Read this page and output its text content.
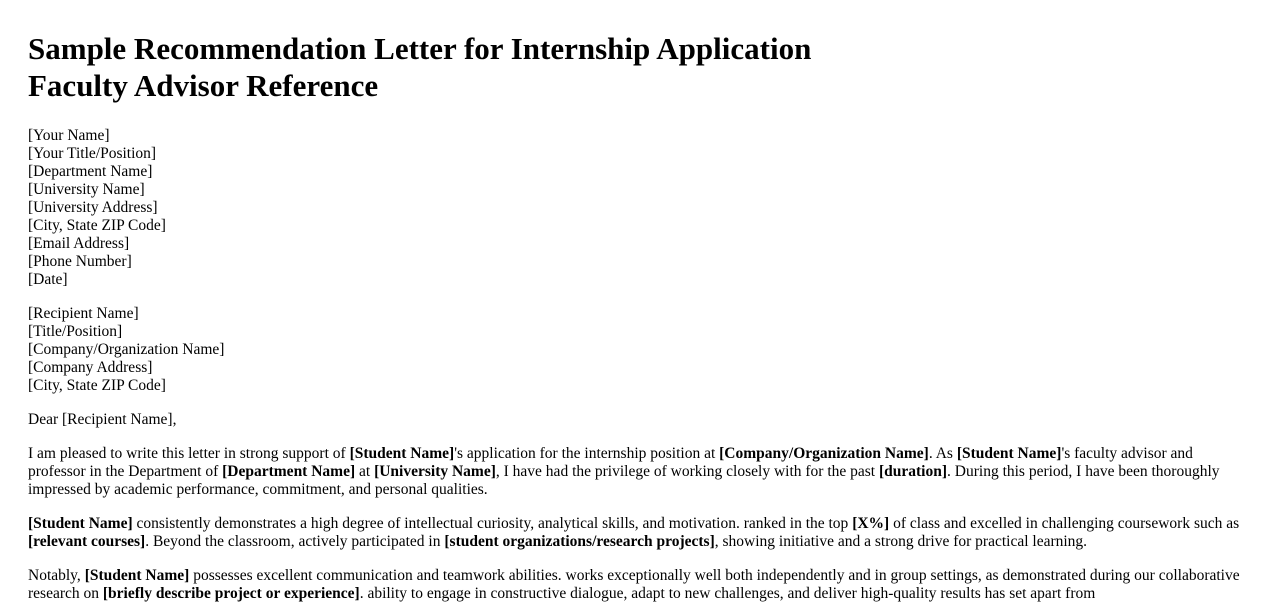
Sample Recommendation Letter for Internship Application
Faculty Advisor Reference
[Your Name]
[Your Title/Position]
[Department Name]
[University Name]
[University Address]
[City, State ZIP Code]
[Email Address]
[Phone Number]
[Date]
[Recipient Name]
[Title/Position]
[Company/Organization Name]
[Company Address]
[City, State ZIP Code]
Dear [Recipient Name],

I am pleased to write this letter in strong support of [Student Name]'s application for the internship position at [Company/Organization Name]. As [Student Name]'s faculty advisor and professor in the Department of [Department Name] at [University Name], I have had the privilege of working closely with for the past [duration]. During this period, I have been thoroughly impressed by academic performance, commitment, and personal qualities.

[Student Name] consistently demonstrates a high degree of intellectual curiosity, analytical skills, and motivation. ranked in the top [X%] of class and excelled in challenging coursework such as [relevant courses]. Beyond the classroom, actively participated in [student organizations/research projects], showing initiative and a strong drive for practical learning.

Notably, [Student Name] possesses excellent communication and teamwork abilities. works exceptionally well both independently and in group settings, as demonstrated during our collaborative research on [briefly describe project or experience]. ability to engage in constructive dialogue, adapt to new challenges, and deliver high-quality results has set apart from
